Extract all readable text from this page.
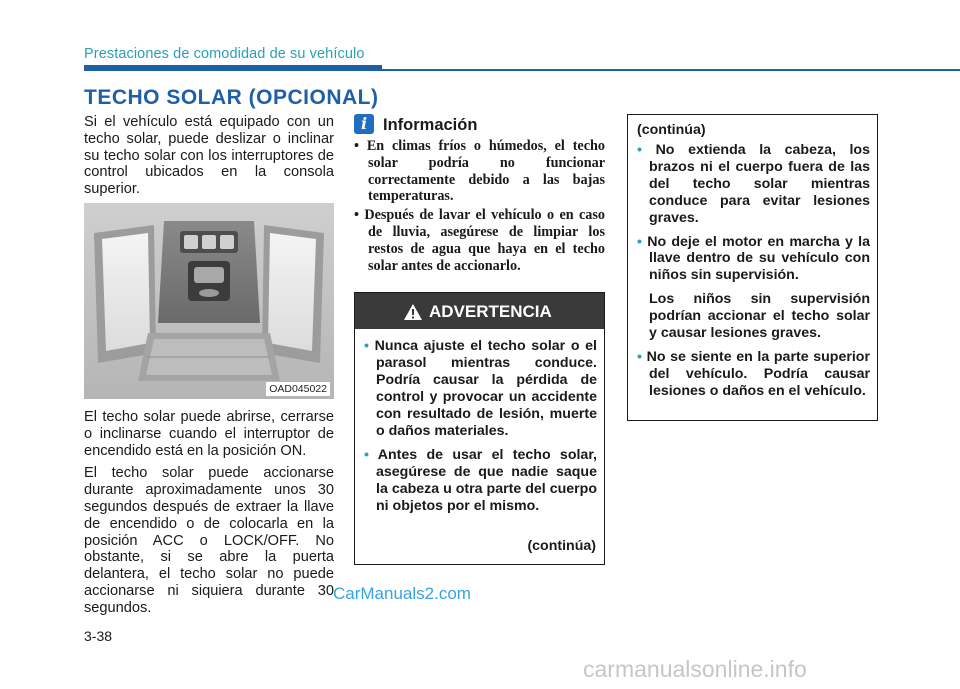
Prestaciones de comodidad de su vehículo
TECHO SOLAR (OPCIONAL)

Si el vehículo está equipado con un techo solar, puede deslizar o inclinar su techo solar con los interruptores de control ubicados en la consola superior.

OAD045022

El techo solar puede abrirse, cerrarse o inclinarse cuando el interruptor de encendido está en la posición ON.

El techo solar puede accionarse durante aproximadamente unos 30 segundos después de extraer la llave de encendido o de colocarla en la posición ACC o LOCK/OFF. No obstante, si se abre la puerta delantera, el techo solar no puede accionarse ni siquiera durante 30 segundos.

i Información
• En climas fríos o húmedos, el techo solar podría no funcionar correctamente debido a las bajas temperaturas.
• Después de lavar el vehículo o en caso de lluvia, asegúrese de limpiar los restos de agua que haya en el techo solar antes de accionarlo.
ADVERTENCIA
• Nunca ajuste el techo solar o el parasol mientras conduce. Podría causar la pérdida de control y provocar un accidente con resultado de lesión, muerte o daños materiales.
• Antes de usar el techo solar, asegúrese de que nadie saque la cabeza u otra parte del cuerpo ni objetos por el mismo.
(continúa)
(continúa)
• No extienda la cabeza, los brazos ni el cuerpo fuera de las del techo solar mientras conduce para evitar lesiones graves.
• No deje el motor en marcha y la llave dentro de su vehículo con niños sin supervisión.
Los niños sin supervisión podrían accionar el techo solar y causar lesiones graves.
• No se siente en la parte superior del vehículo. Podría causar lesiones o daños en el vehículo.
3-38
CarManuals2.com
carmanualsonline.info
